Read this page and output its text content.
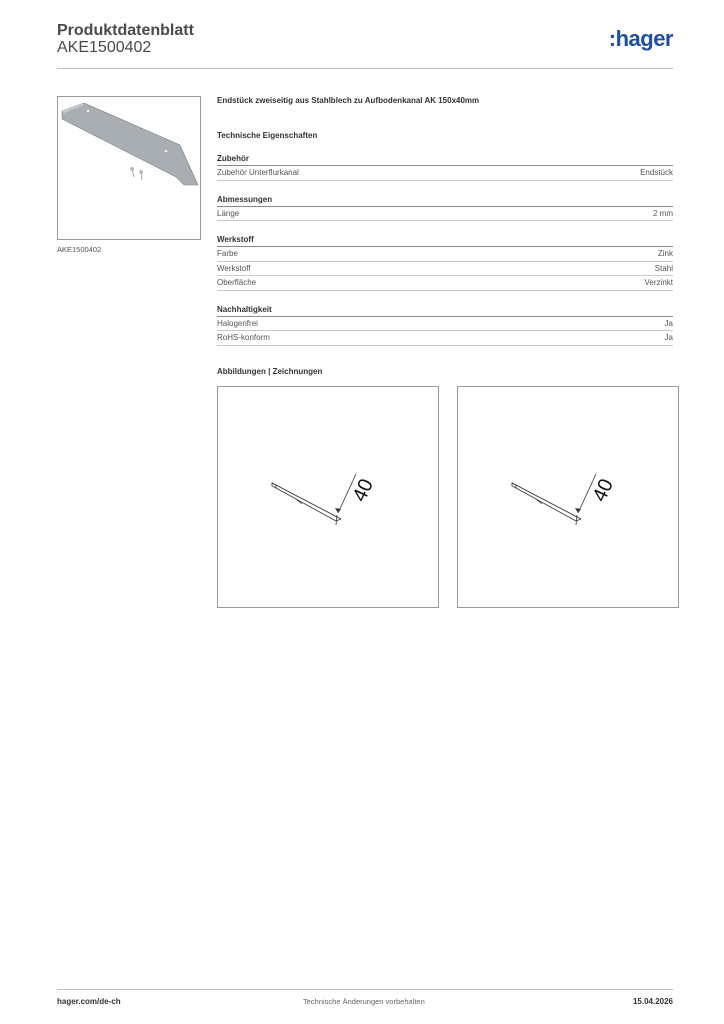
Produktdatenblatt
AKE1500402	:hager
AKE1500402
Endstück zweiseitig aus Stahlblech zu Aufbodenkanal AK 150x40mm
Technische Eigenschaften
Zubehör
Zubehör Unterflurkanal	Endstück
Abmessungen
Länge	2 mm
Werkstoff
Farbe	Zink
Werkstoff	Stahl
Oberfläche	Verzinkt
Nachhaltigkeit
Halogenfrei	Ja
RoHS-konform	Ja
Abbildungen | Zeichnungen
40	40
hager.com/de-ch	Technische Änderungen vorbehalten	15.04.2026
